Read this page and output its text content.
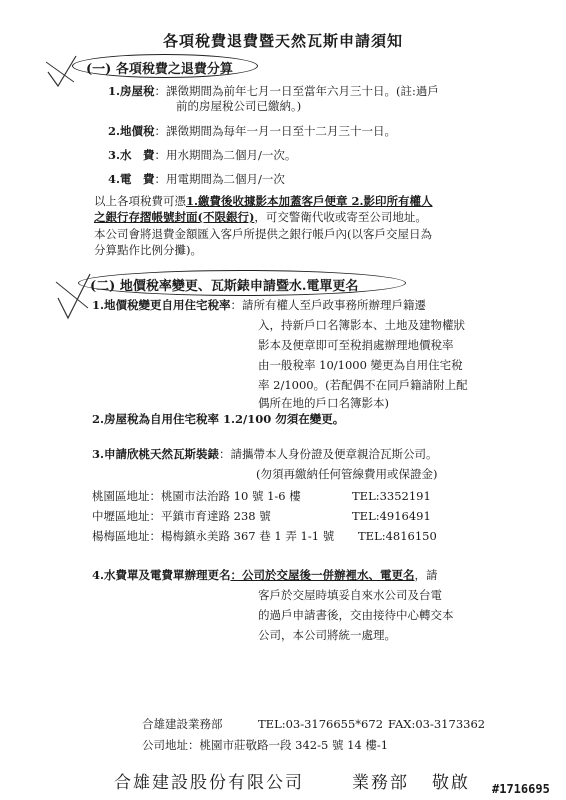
各項稅費退費暨天然瓦斯申請須知
(一) 各項稅費之退費分算
1.房屋稅：課徵期間為前年七月一日至當年六月三十日。(註:過戶
前的房屋稅公司已繳納。)
2.地價稅：課徵期間為每年一月一日至十二月三十一日。
3.水　費：用水期間為二個月/一次。
4.電　費：用電期間為二個月/一次
以上各項稅費可憑1.繳費後收據影本加蓋客戶便章 2.影印所有權人
之銀行存摺帳號封面(不限銀行)，可交警衛代收或寄至公司地址。
本公司會將退費金額匯入客戶所提供之銀行帳戶內(以客戶交屋日為
分算點作比例分攤)。
(二) 地價稅率變更、瓦斯錶申請暨水.電單更名
1.地價稅變更自用住宅稅率：請所有權人至戶政事務所辦理戶籍遷
入，持新戶口名簿影本、土地及建物權狀
影本及便章即可至稅捐處辦理地價稅率
由一般稅率 10/1000 變更為自用住宅稅
率 2/1000。(若配偶不在同戶籍請附上配
偶所在地的戶口名簿影本)
2.房屋稅為自用住宅稅率 1.2/100 勿須在變更。
3.申請欣桃天然瓦斯裝錶：請攜帶本人身份證及便章親洽瓦斯公司。
(勿須再繳納任何管線費用或保證金)
桃園區地址：桃園市法治路 10 號 1-6 樓	TEL:3352191
中壢區地址：平鎮市育達路 238 號	TEL:4916491
楊梅區地址：楊梅鎮永美路 367 巷 1 弄 1-1 號 TEL:4816150
4.水費單及電費單辦理更名：公司於交屋後一併辦裡水、電更名，請
客戶於交屋時填妥自來水公司及台電
的過戶申請書後，交由接待中心轉交本
公司，本公司將統一處理。
合雄建設業務部	TEL:03-3176655*672 FAX:03-3173362
公司地址：桃園市莊敬路一段 342-5 號 14 樓-1
合雄建設股份有限公司	業務部 敬啟 #1716695
